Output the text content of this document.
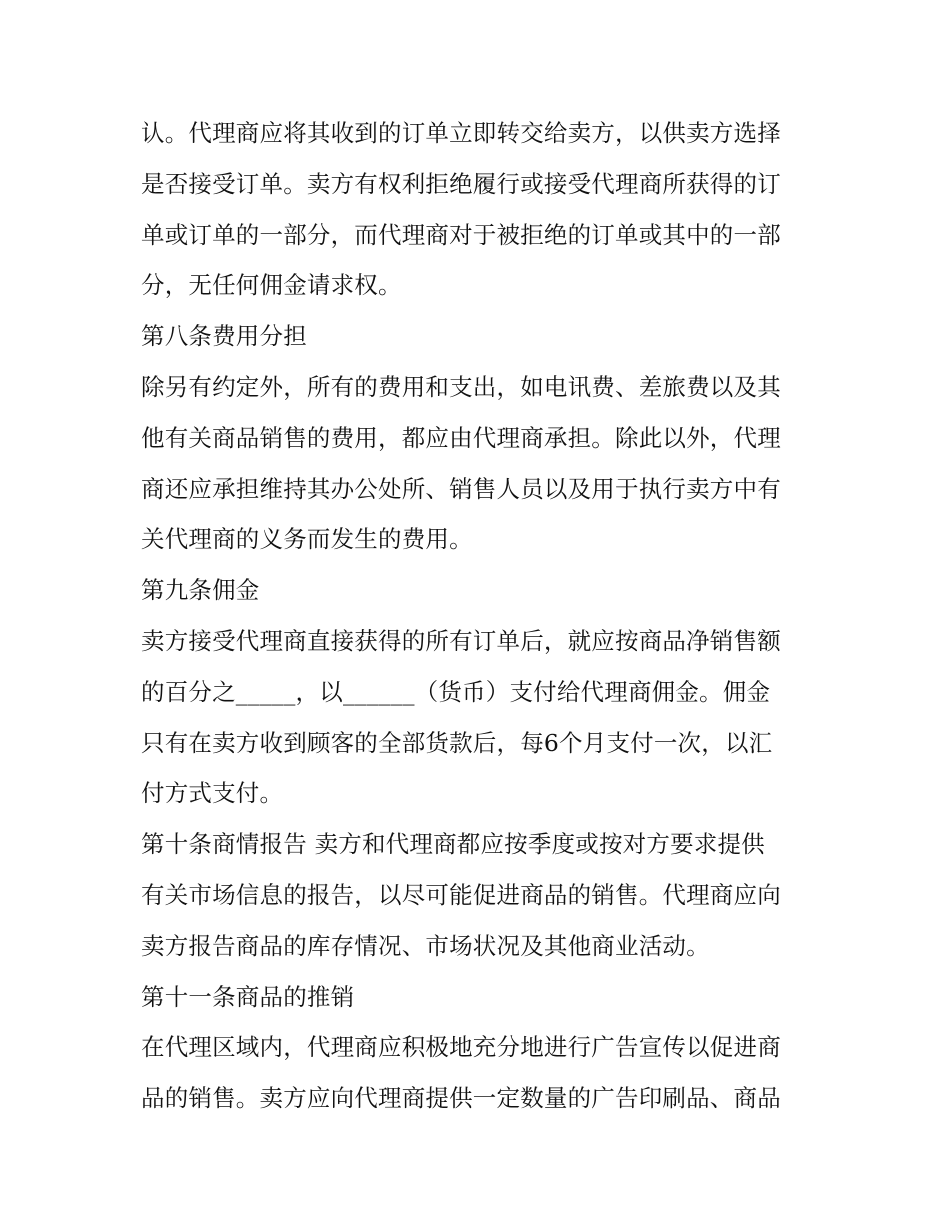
认。代理商应将其收到的订单立即转交给卖方，以供卖方选择
是否接受订单。卖方有权利拒绝履行或接受代理商所获得的订
单或订单的一部分，而代理商对于被拒绝的订单或其中的一部
分，无任何佣金请求权。
第八条费用分担
除另有约定外，所有的费用和支出，如电讯费、差旅费以及其
他有关商品销售的费用，都应由代理商承担。除此以外，代理
商还应承担维持其办公处所、销售人员以及用于执行卖方中有
关代理商的义务而发生的费用。
第九条佣金
卖方接受代理商直接获得的所有订单后，就应按商品净销售额
的百分之_____，以______（货币）支付给代理商佣金。佣金
只有在卖方收到顾客的全部货款后，每6个月支付一次，以汇
付方式支付。
第十条商情报告 卖方和代理商都应按季度或按对方要求提供
有关市场信息的报告，以尽可能促进商品的销售。代理商应向
卖方报告商品的库存情况、市场状况及其他商业活动。
第十一条商品的推销
在代理区域内，代理商应积极地充分地进行广告宣传以促进商
品的销售。卖方应向代理商提供一定数量的广告印刷品、商品
